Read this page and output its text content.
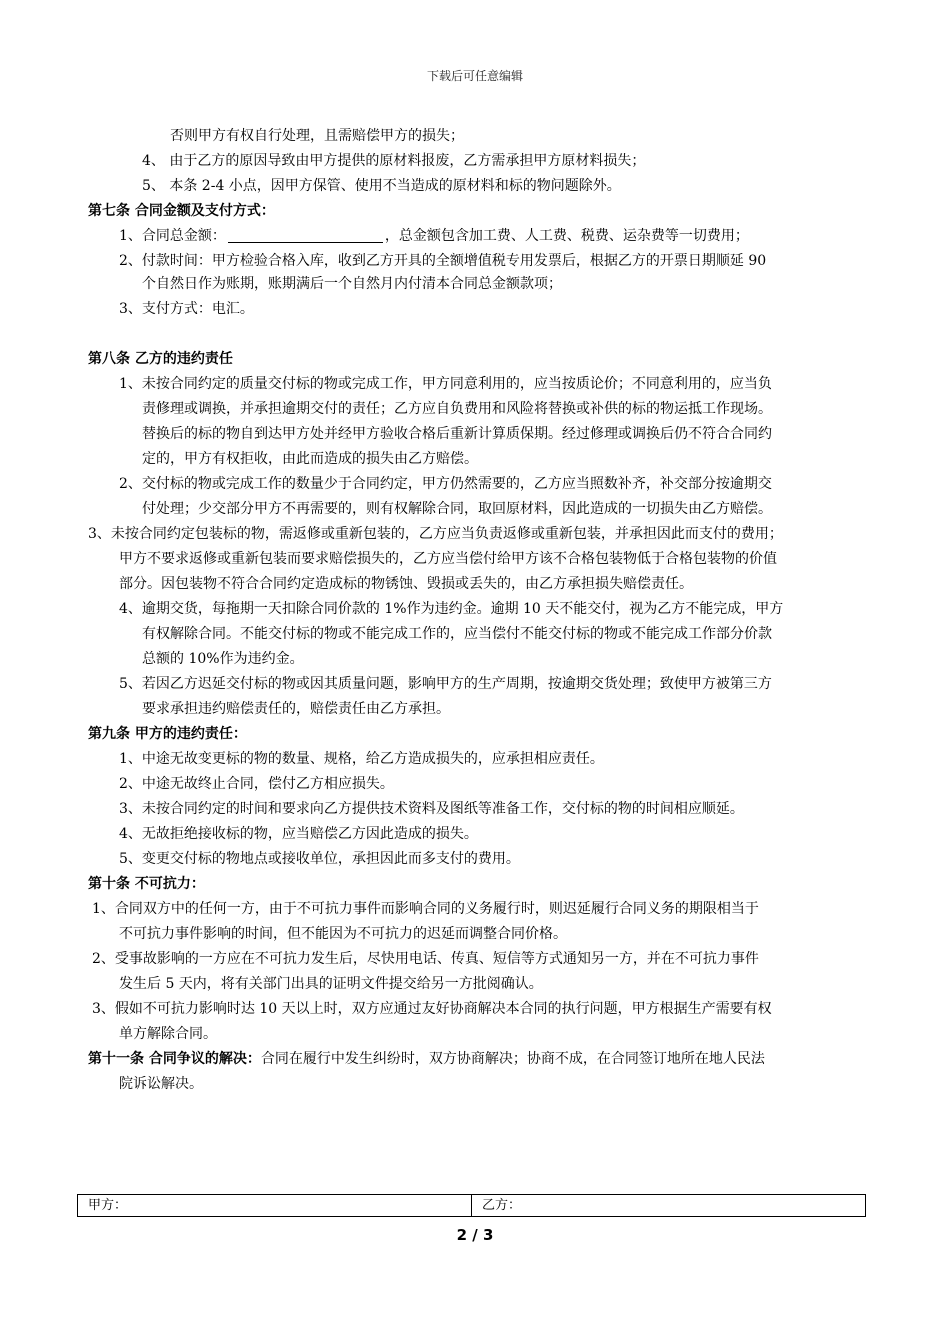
下载后可任意编辑
否则甲方有权自行处理，且需赔偿甲方的损失；
4、 由于乙方的原因导致由甲方提供的原材料报废，乙方需承担甲方原材料损失；
5、 本条 2-4 小点，因甲方保管、使用不当造成的原材料和标的物问题除外。
第七条 合同金额及支付方式：
1、合同总金额：	，总金额包含加工费、人工费、税费、运杂费等一切费用；
2、付款时间：甲方检验合格入库，收到乙方开具的全额增值税专用发票后，根据乙方的开票日期顺延 90
个自然日作为账期，账期满后一个自然月内付清本合同总金额款项；
3、支付方式：电汇。
第八条 乙方的违约责任
1、未按合同约定的质量交付标的物或完成工作，甲方同意利用的，应当按质论价；不同意利用的，应当负
责修理或调换，并承担逾期交付的责任；乙方应自负费用和风险将替换或补供的标的物运抵工作现场。
替换后的标的物自到达甲方处并经甲方验收合格后重新计算质保期。经过修理或调换后仍不符合合同约
定的，甲方有权拒收，由此而造成的损失由乙方赔偿。
2、交付标的物或完成工作的数量少于合同约定，甲方仍然需要的，乙方应当照数补齐，补交部分按逾期交
付处理；少交部分甲方不再需要的，则有权解除合同，取回原材料，因此造成的一切损失由乙方赔偿。
3、未按合同约定包装标的物，需返修或重新包装的，乙方应当负责返修或重新包装，并承担因此而支付的费用；
甲方不要求返修或重新包装而要求赔偿损失的，乙方应当偿付给甲方该不合格包装物低于合格包装物的价值
部分。因包装物不符合合同约定造成标的物锈蚀、毁损或丢失的，由乙方承担损失赔偿责任。
4、逾期交货，每拖期一天扣除合同价款的 1%作为违约金。逾期 10 天不能交付，视为乙方不能完成，甲方
有权解除合同。不能交付标的物或不能完成工作的，应当偿付不能交付标的物或不能完成工作部分价款
总额的 10%作为违约金。
5、若因乙方迟延交付标的物或因其质量问题，影响甲方的生产周期，按逾期交货处理；致使甲方被第三方
要求承担违约赔偿责任的，赔偿责任由乙方承担。
第九条 甲方的违约责任：
1、中途无故变更标的物的数量、规格，给乙方造成损失的，应承担相应责任。
2、中途无故终止合同，偿付乙方相应损失。
3、未按合同约定的时间和要求向乙方提供技术资料及图纸等准备工作，交付标的物的时间相应顺延。
4、无故拒绝接收标的物，应当赔偿乙方因此造成的损失。
5、变更交付标的物地点或接收单位，承担因此而多支付的费用。
第十条 不可抗力：
1、合同双方中的任何一方，由于不可抗力事件而影响合同的义务履行时，则迟延履行合同义务的期限相当于
不可抗力事件影响的时间，但不能因为不可抗力的迟延而调整合同价格。
2、受事故影响的一方应在不可抗力发生后，尽快用电话、传真、短信等方式通知另一方，并在不可抗力事件
发生后 5 天内，将有关部门出具的证明文件提交给另一方批阅确认。
3、假如不可抗力影响时达 10 天以上时，双方应通过友好协商解决本合同的执行问题，甲方根据生产需要有权
单方解除合同。
第十一条 合同争议的解决：合同在履行中发生纠纷时，双方协商解决；协商不成，在合同签订地所在地人民法
院诉讼解决。
甲方：	乙方：
2 / 3
